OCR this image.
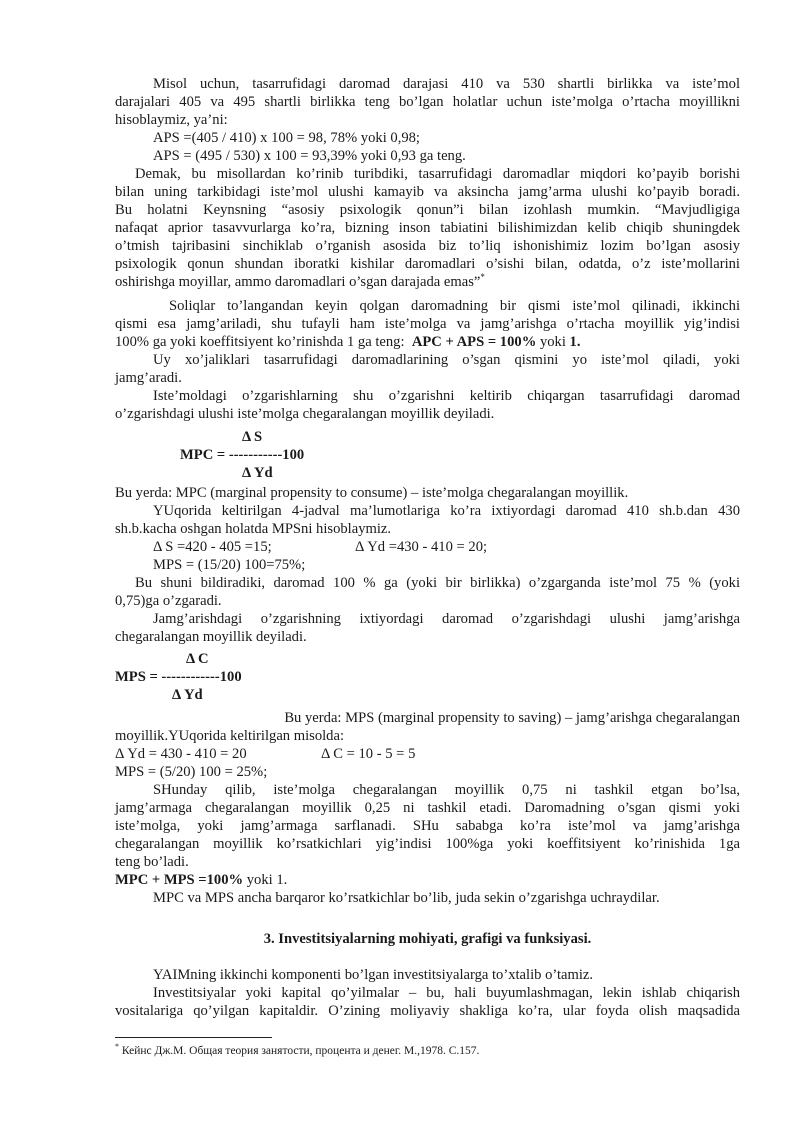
Misol uchun, tasarrufidagi daromad darajasi 410 va 530 shartli birlikka va iste’mol
darajalari 405 va 495 shartli birlikka teng bo’lgan holatlar uchun iste’molga o’rtacha moyillikni
hisoblaymiz, ya’ni:
APS =(405 / 410) x 100 = 98, 78% yoki 0,98;
APS = (495 / 530) x 100 = 93,39% yoki 0,93 ga teng.
Demak, bu misollardan ko’rinib turibdiki, tasarrufidagi daromadlar miqdori ko’payib borishi
bilan uning tarkibidagi iste’mol ulushi kamayib va aksincha jamg’arma ulushi ko’payib boradi.
Bu holatni Keynsning “asosiy psixologik qonun”i bilan izohlash mumkin. “Mavjudligiga
nafaqat aprior tasavvurlarga ko’ra, bizning inson tabiatini bilishimizdan kelib chiqib shuningdek
o’tmish tajribasini sinchiklab o’rganish asosida biz to’liq ishonishimiz lozim bo’lgan asosiy
psixologik qonun shundan iboratki kishilar daromadlari o’sishi bilan, odatda, o’z iste’mollarini
oshirishga moyillar, ammo daromadlari o’sgan darajada emas”*
Soliqlar to’langandan keyin qolgan daromadning bir qismi iste’mol qilinadi, ikkinchi
qismi esa jamg’ariladi, shu tufayli ham iste’molga va jamg’arishga o’rtacha moyillik yig’indisi
100% ga yoki koeffitsiyent ko’rinishda 1 ga teng: APC + APS = 100% yoki 1.
Uy xo’jaliklari tasarrufidagi daromadlarining o’sgan qismini yo iste’mol qiladi, yoki
jamg’aradi.
Iste’moldagi o’zgarishlarning shu o’zgarishni keltirib chiqargan tasarrufidagi daromad
o’zgarishdagi ulushi iste’molga chegaralangan moyillik deyiladi.
Δ S
MPC = -----------100
Δ Yd
Bu yerda: MPC (marginal propensity to consume) – iste’molga chegaralangan moyillik.
YUqorida keltirilgan 4-jadval ma’lumotlariga ko’ra ixtiyordagi daromad 410 sh.b.dan 430
sh.b.kacha oshgan holatda MPSni hisoblaymiz.
Δ S =420 - 405 =15;	Δ Yd =430 - 410 = 20;
MPS = (15/20) 100=75%;
Bu shuni bildiradiki, daromad 100 % ga (yoki bir birlikka) o’zgarganda iste’mol 75 % (yoki
0,75)ga o’zgaradi.
Jamg’arishdagi o’zgarishning ixtiyordagi daromad o’zgarishdagi ulushi jamg’arishga
chegaralangan moyillik deyiladi.
Δ C
MPS = ------------100
Δ Yd
Bu yerda: MPS (marginal propensity to saving) – jamg’arishga chegaralangan
moyillik.YUqorida keltirilgan misolda:
Δ Yd = 430 - 410 = 20	Δ C = 10 - 5 = 5
MPS = (5/20) 100 = 25%;
SHunday qilib, iste’molga chegaralangan moyillik 0,75 ni tashkil etgan bo’lsa,
jamg’armaga chegaralangan moyillik 0,25 ni tashkil etadi. Daromadning o’sgan qismi yoki
iste’molga, yoki jamg’armaga sarflanadi. SHu sababga ko’ra iste’mol va jamg’arishga
chegaralangan moyillik ko’rsatkichlari yig’indisi 100%ga yoki koeffitsiyent ko’rinishida 1ga
teng bo’ladi.
MPC + MPS =100% yoki 1.
MPC va MPS ancha barqaror ko’rsatkichlar bo’lib, juda sekin o’zgarishga uchraydilar.
3. Investitsiyalarning mohiyati, grafigi va funksiyasi.
YAIMning ikkinchi komponenti bo’lgan investitsiyalarga to’xtalib o’tamiz.
Investitsiyalar yoki kapital qo’yilmalar – bu, hali buyumlashmagan, lekin ishlab chiqarish
vositalariga qo’yilgan kapitaldir. O’zining moliyaviy shakliga ko’ra, ular foyda olish maqsadida
* Кейнс Дж.М. Общая теория занятости, процента и денег. М.,1978. С.157.
